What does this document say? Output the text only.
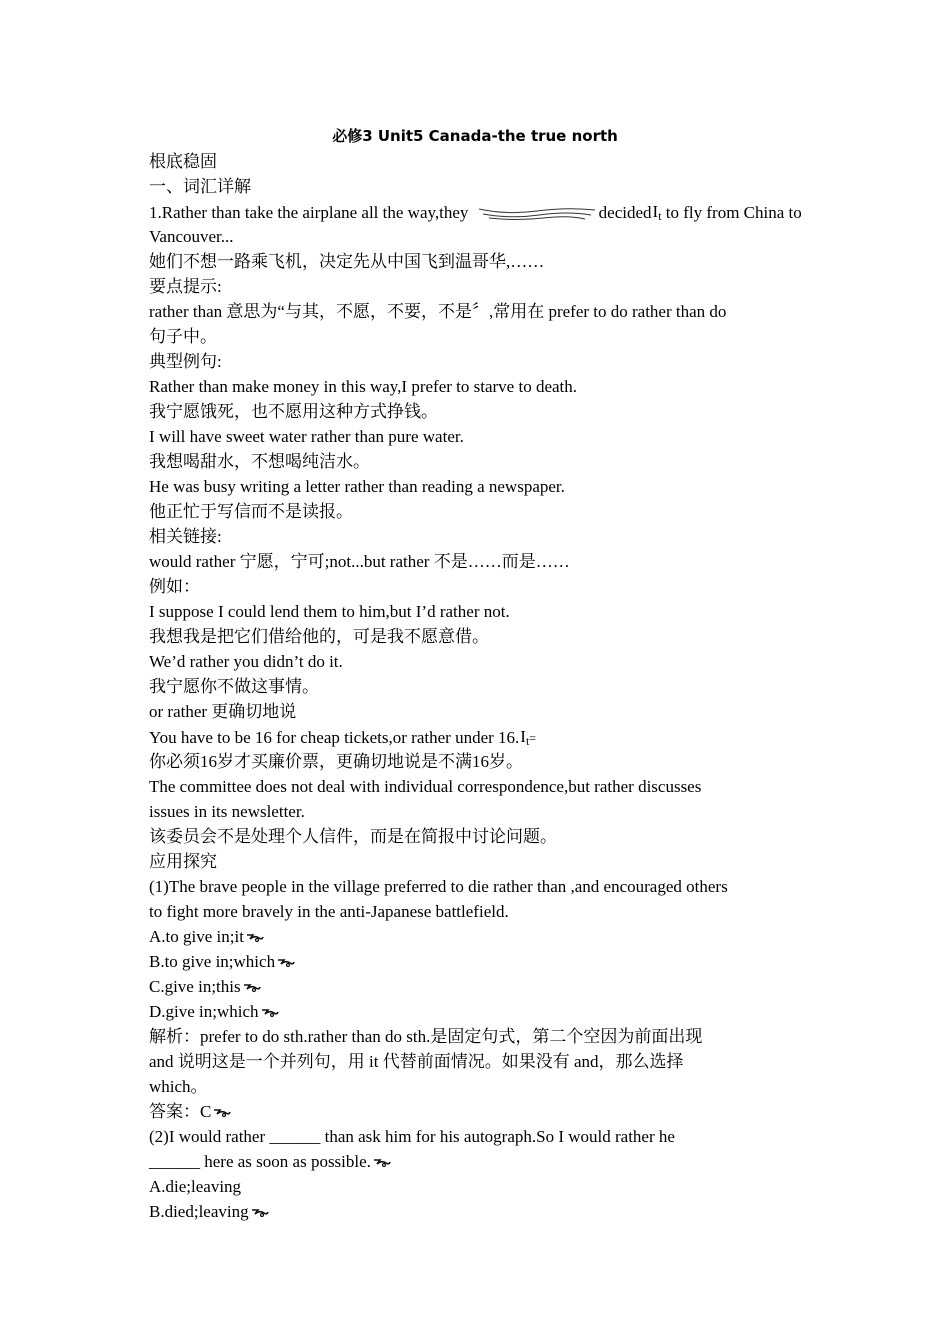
必修3 Unit5 Canada-the true north
根底稳固
一、词汇详解
1.Rather than take the airplane all the way,they	decidedI$_t$ to fly from China to
Vancouver...
她们不想一路乘飞机，决定先从中国飞到温哥华,……
要点提示:
rather than 意思为“与其，不愿，不要，不是〞,常用在 prefer to do rather than do
句子中。
典型例句:
Rather than make money in this way,I prefer to starve to death.
我宁愿饿死，也不愿用这种方式挣钱。
I will have sweet water rather than pure water.
我想喝甜水，不想喝纯洁水。
He was busy writing a letter rather than reading a newspaper.
他正忙于写信而不是读报。
相关链接:
would rather 宁愿，宁可;not...but rather 不是……而是……
例如：
I suppose I could lend them to him,but I’d rather not.
我想我是把它们借给他的，可是我不愿意借。
We’d rather you didn’t do it.
我宁愿你不做这事情。
or rather 更确切地说
You have to be 16 for cheap tickets,or rather under $16.I_t=$
你必须16岁才买廉价票，更确切地说是不满16岁。
The committee does not deal with individual correspondence,but rather discusses
issues in its newsletter.
该委员会不是处理个人信件，而是在简报中讨论问题。
应用探究
(1)The brave people in the village preferred to die rather than ,and encouraged others
to fight more bravely in the anti-Japanese battlefield.
A.to give in;it
B.to give in;which
C.give in;this
D.give in;which
解析：prefer to do sth.rather than do sth.是固定句式，第二个空因为前面出现
and 说明这是一个并列句，用 it 代替前面情况。如果没有 and，那么选择
which。
答案：C
(2)I would rather ______ than ask him for his autograph.So I would rather he
______ here as soon as possible.
A.die;leaving
B.died;leaving
